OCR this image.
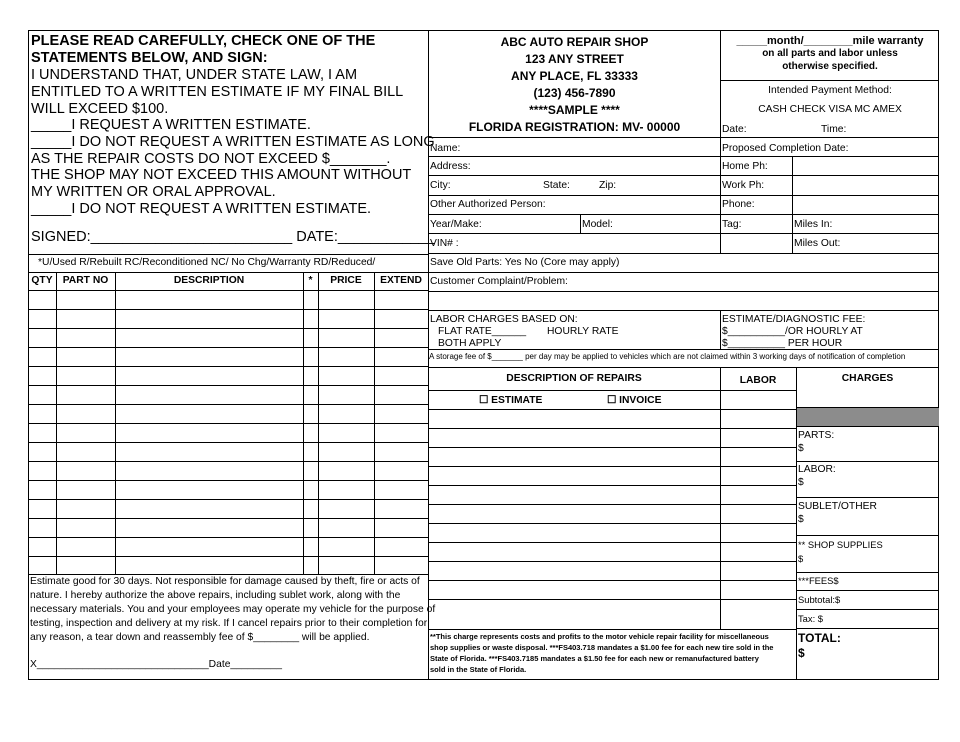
PLEASE READ CAREFULLY, CHECK ONE OF THE
STATEMENTS BELOW, AND SIGN:
I UNDERSTAND THAT, UNDER STATE LAW, I AM
ENTITLED TO A WRITTEN ESTIMATE IF MY FINAL BILL
WILL EXCEED $100.
_____I REQUEST A WRITTEN ESTIMATE.
_____I DO NOT REQUEST A WRITTEN ESTIMATE AS LONG
AS THE REPAIR COSTS DO NOT EXCEED $_______.
THE SHOP MAY NOT EXCEED THIS AMOUNT WITHOUT
MY WRITTEN OR ORAL APPROVAL.
_____I DO NOT REQUEST A WRITTEN ESTIMATE.
SIGNED:_________________________ DATE:____________
*U/Used R/Rebuilt RC/Reconditioned NC/ No Chg/Warranty RD/Reduced/
QTY PART NO	DESCRIPTION	*	PRICE	EXTEND
Estimate good for 30 days. Not responsible for damage caused by theft, fire or acts of
nature. I hereby authorize the above repairs, including sublet work, along with the
necessary materials. You and your employees may operate my vehicle for the purpose of
testing, inspection and delivery at my risk. If I cancel repairs prior to their completion for
any reason, a tear down and reassembly fee of $________ will be applied.
X______________________________Date_________
ABC AUTO REPAIR SHOP
123 ANY STREET
ANY PLACE, FL 33333
(123) 456-7890
****SAMPLE ****
FLORIDA REGISTRATION: MV- 00000
_____month/________mile warranty
on all parts and labor unless
otherwise specified.
Intended Payment Method:
CASH CHECK VISA MC AMEX
Date:	Time:
Name:	Proposed Completion Date:
Address:	Home Ph:
City:	State:	Zip:	Work Ph:
Other Authorized Person:	Phone:
Year/Make:	Model:	Tag:	Miles In:
VIN# :	Miles Out:
Save Old Parts: Yes No (Core may apply)
Customer Complaint/Problem:
LABOR CHARGES BASED ON:
FLAT RATE______ HOURLY RATE
BOTH APPLY
ESTIMATE/DIAGNOSTIC FEE:
$__________/OR HOURLY AT
$__________ PER HOUR
A storage fee of $_______ per day may be applied to vehicles which are not claimed within 3 working days of notification of completion
DESCRIPTION OF REPAIRS	LABOR	CHARGES
☐ ESTIMATE	☐ INVOICE
PARTS:
$
LABOR:
$
SUBLET/OTHER
$
** SHOP SUPPLIES
$
***FEES$
Subtotal:$
Tax: $
TOTAL:
$
**This charge represents costs and profits to the motor vehicle repair facility for miscellaneous
shop supplies or waste disposal. ***FS403.718 mandates a $1.00 fee for each new tire sold in the
State of Florida. ***FS403.7185 mandates a $1.50 fee for each new or remanufactured battery
sold in the State of Florida.
